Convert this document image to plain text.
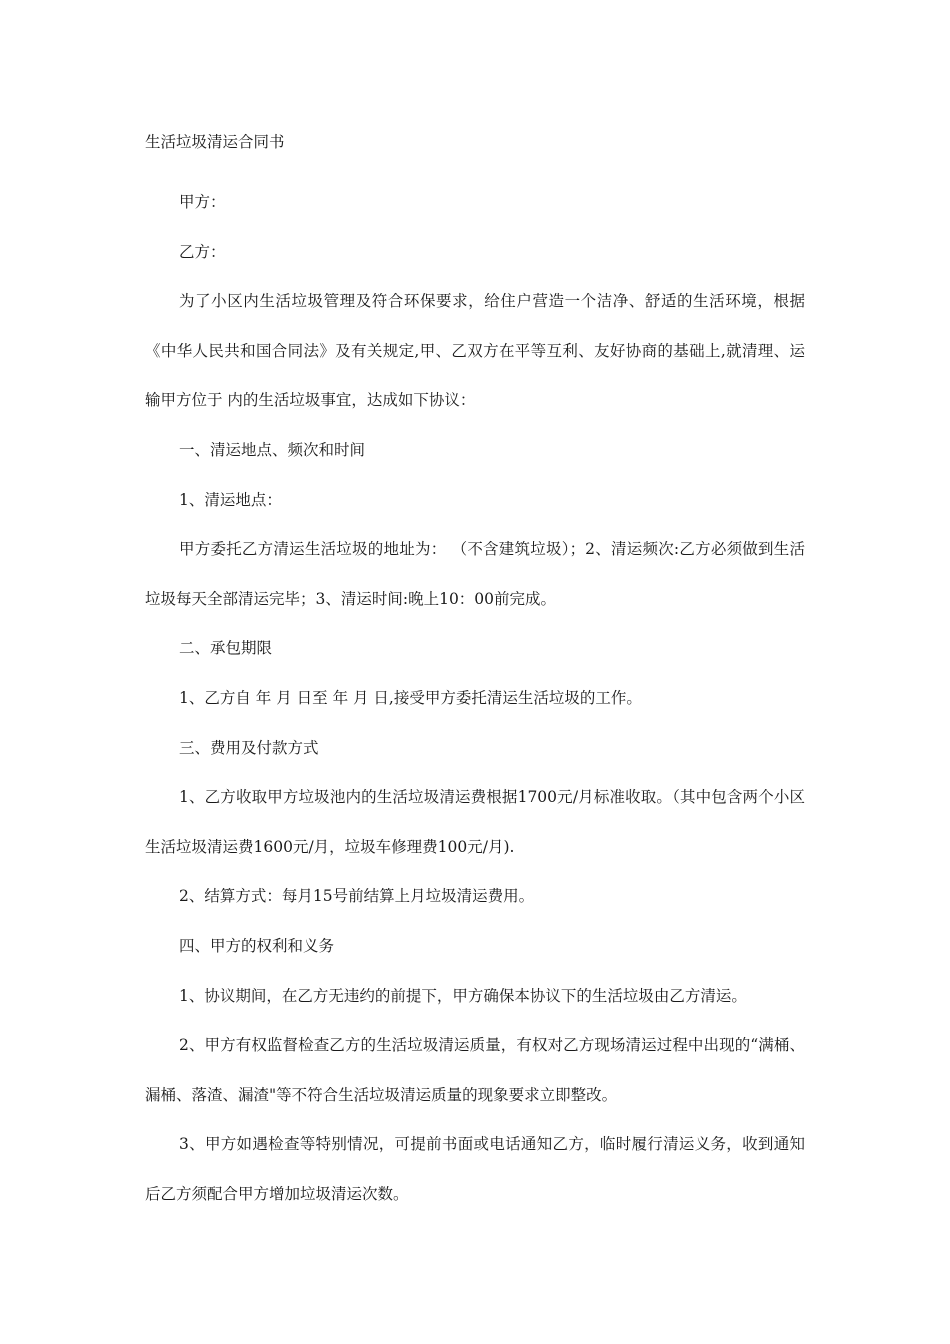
生活垃圾清运合同书

甲方：

乙方：

为了小区内生活垃圾管理及符合环保要求，给住户营造一个洁净、舒适的生活环境，根据《中华人民共和国合同法》及有关规定,甲、乙双方在平等互利、友好协商的基础上,就清理、运输甲方位于 内的生活垃圾事宜，达成如下协议：

一、清运地点、频次和时间

1、清运地点：

甲方委托乙方清运生活垃圾的地址为： （不含建筑垃圾）；2、清运频次:乙方必须做到生活垃圾每天全部清运完毕；3、清运时间:晚上10：00前完成。

二、承包期限

1、乙方自 年 月 日至 年 月 日,接受甲方委托清运生活垃圾的工作。

三、费用及付款方式

1、乙方收取甲方垃圾池内的生活垃圾清运费根据1700元/月标准收取。（其中包含两个小区生活垃圾清运费1600元/月，垃圾车修理费100元/月).

2、结算方式：每月15号前结算上月垃圾清运费用。

四、甲方的权利和义务

1、协议期间，在乙方无违约的前提下，甲方确保本协议下的生活垃圾由乙方清运。

2、甲方有权监督检查乙方的生活垃圾清运质量，有权对乙方现场清运过程中出现的“满桶、漏桶、落渣、漏渣"等不符合生活垃圾清运质量的现象要求立即整改。

3、甲方如遇检查等特别情况，可提前书面或电话通知乙方，临时履行清运义务，收到通知后乙方须配合甲方增加垃圾清运次数。
